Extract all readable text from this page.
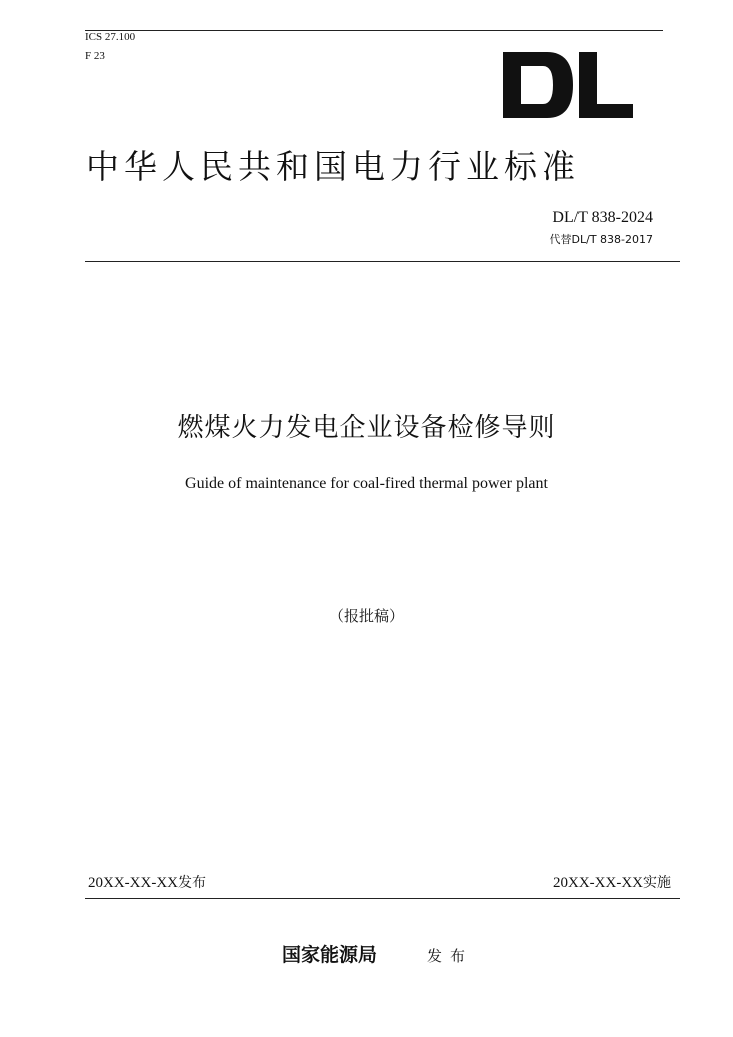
ICS 27.100
F 23
中华人民共和国电力行业标准
DL/T 838-2024
代替DL/T 838-2017
燃煤火力发电企业设备检修导则
Guide of maintenance for coal-fired thermal power plant
（报批稿）
20XX-XX-XX发布	20XX-XX-XX实施
国家能源局	发布
